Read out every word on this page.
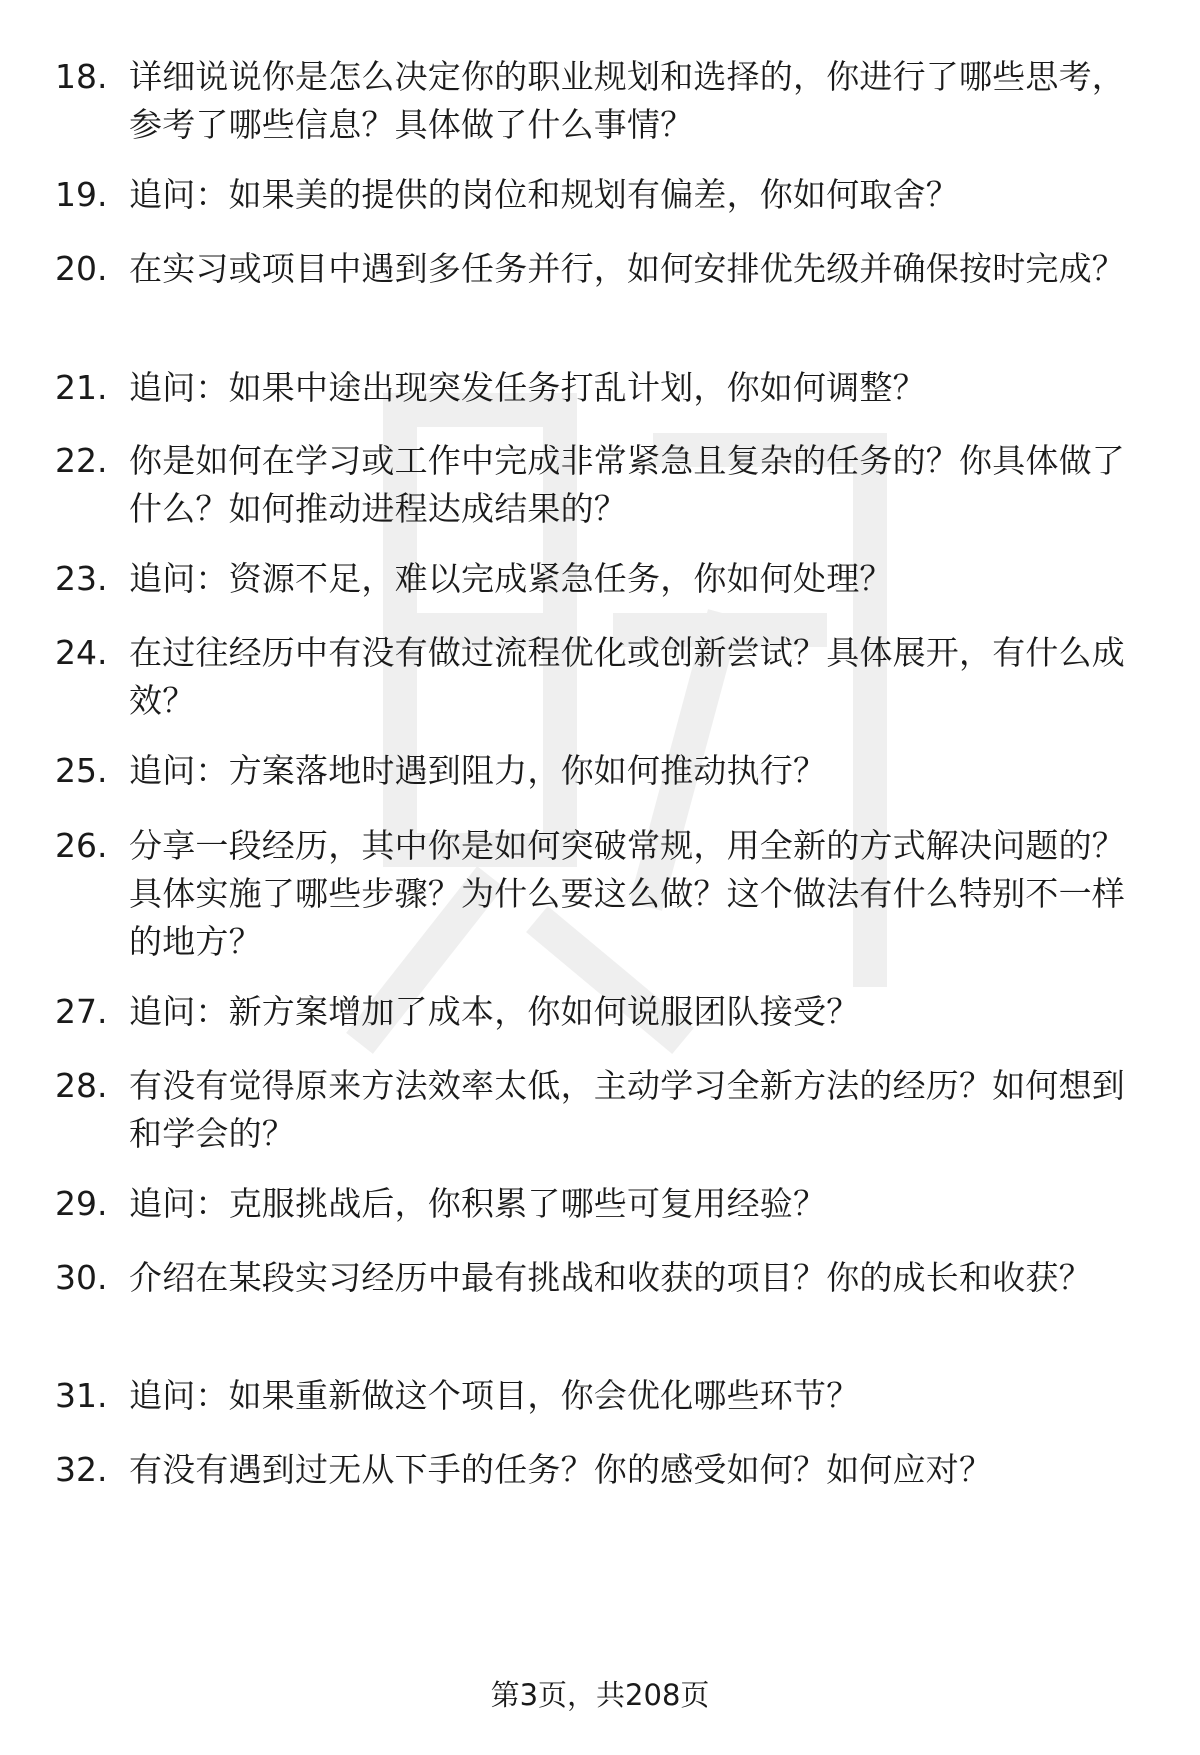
18. 详细说说你是怎么决定你的职业规划和选择的，你进行了哪些思考，参考了哪些信息？具体做了什么事情？
19. 追问：如果美的提供的岗位和规划有偏差，你如何取舍？
20. 在实习或项目中遇到多任务并行，如何安排优先级并确保按时完成？
21. 追问：如果中途出现突发任务打乱计划，你如何调整？
22. 你是如何在学习或工作中完成非常紧急且复杂的任务的？你具体做了什么？如何推动进程达成结果的？
23. 追问：资源不足，难以完成紧急任务，你如何处理？
24. 在过往经历中有没有做过流程优化或创新尝试？具体展开，有什么成效？
25. 追问：方案落地时遇到阻力，你如何推动执行？
26. 分享一段经历，其中你是如何突破常规，用全新的方式解决问题的？具体实施了哪些步骤？为什么要这么做？这个做法有什么特别不一样的地方？
27. 追问：新方案增加了成本，你如何说服团队接受？
28. 有没有觉得原来方法效率太低，主动学习全新方法的经历？如何想到和学会的？
29. 追问：克服挑战后，你积累了哪些可复用经验？
30. 介绍在某段实习经历中最有挑战和收获的项目？你的成长和收获？
31. 追问：如果重新做这个项目，你会优化哪些环节？
32. 有没有遇到过无从下手的任务？你的感受如何？如何应对？
第3页，共208页
